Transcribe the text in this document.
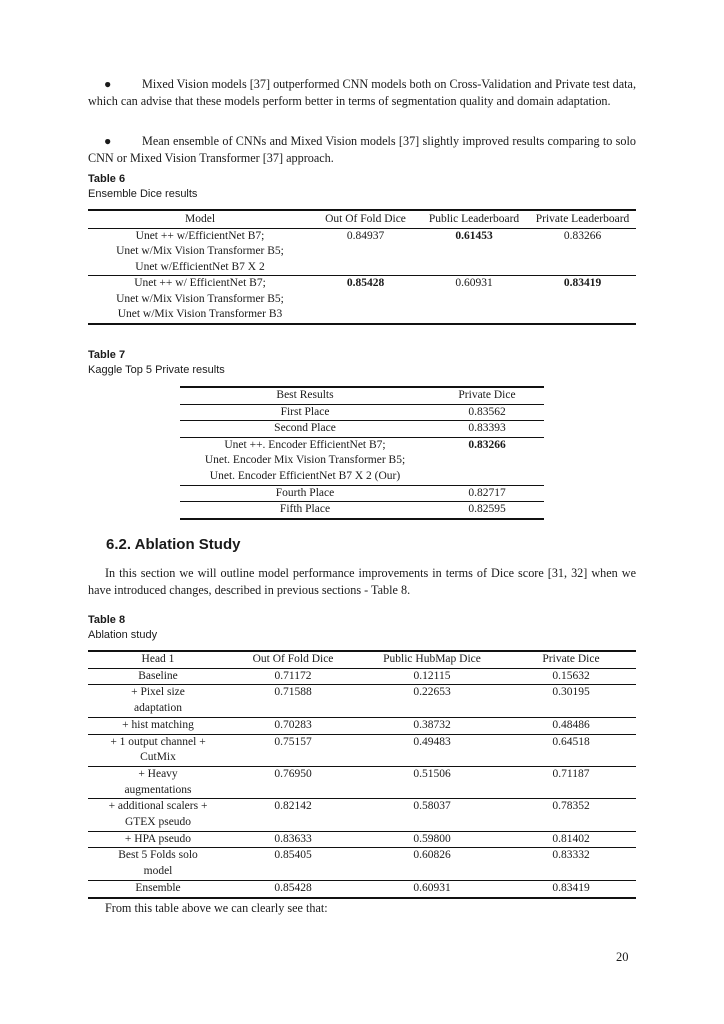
●	Mixed Vision models [37] outperformed CNN models both on Cross-Validation and Private test data, which can advise that these models perform better in terms of segmentation quality and domain adaptation.

●	Mean ensemble of CNNs and Mixed Vision models [37] slightly improved results comparing to solo CNN or Mixed Vision Transformer [37] approach.

Table 6
Ensemble Dice results
Model	Out Of Fold Dice	Public Leaderboard	Private Leaderboard

Unet ++ w/EfficientNet B7;
Unet w/Mix Vision Transformer B5;
Unet w/EfficientNet B7 X 2	0.84937	0.61453	0.83266

Unet ++ w/ EfficientNet B7;
Unet w/Mix Vision Transformer B5;
Unet w/Mix Vision Transformer B3	0.85428	0.60931	0.83419
Table 7
Kaggle Top 5 Private results
Best Results	Private Dice
First Place	0.83562
Second Place	0.83393

Unet ++. Encoder EfficientNet B7;
Unet. Encoder Mix Vision Transformer B5;
Unet. Encoder EfficientNet B7 X 2 (Our)	0.83266
Fourth Place	0.82717
Fifth Place	0.82595
6.2. Ablation Study

In this section we will outline model performance improvements in terms of Dice score [31, 32] when we have introduced changes, described in previous sections - Table 8.

Table 8
Ablation study
Head 1	Out Of Fold Dice	Public HubMap Dice	Private Dice
Baseline	0.71172	0.12115	0.15632

+ Pixel size
adaptation	0.71588	0.22653	0.30195
+ hist matching	0.70283	0.38732	0.48486

+ 1 output channel +
CutMix	0.75157	0.49483	0.64518

+ Heavy
augmentations	0.76950	0.51506	0.71187

+ additional scalers +
GTEX pseudo	0.82142	0.58037	0.78352
+ HPA pseudo	0.83633	0.59800	0.81402

Best 5 Folds solo
model	0.85405	0.60826	0.83332
Ensemble	0.85428	0.60931	0.83419

From this table above we can clearly see that:

20
